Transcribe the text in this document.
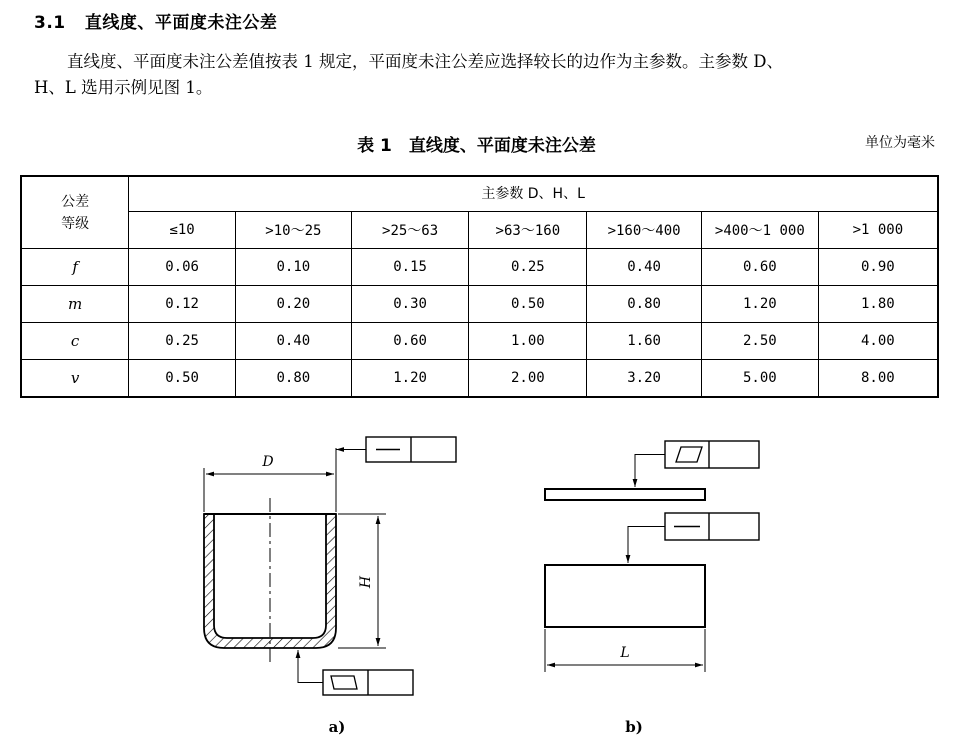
3.1 直线度、平面度未注公差
直线度、平面度未注公差值按表 1 规定，平面度未注公差应选择较长的边作为主参数。主参数 D、
H、L 选用示例见图 1。
表 1　直线度、平面度未注公差	单位为毫米
公差
等级	主参数 D、H、L						
	≤10	>10～25	>25～63	>63～160	>160～400	>400～1 000	>1 000
f	0.06	0.10	0.15	0.25	0.40	0.60	0.90
m	0.12	0.20	0.30	0.50	0.80	1.20	1.80
c	0.25	0.40	0.60	1.00	1.60	2.50	4.00
v	0.50	0.80	1.20	2.00	3.20	5.00	8.00
D
H
a)
L
b)
